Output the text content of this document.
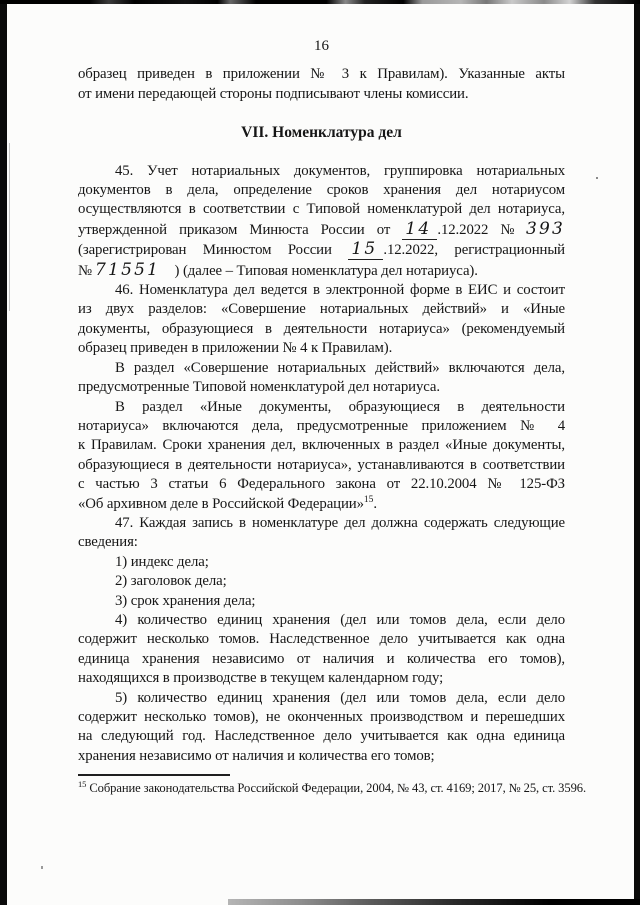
16
образец приведен в приложении № 3 к Правилам). Указанные акты
от имени передающей стороны подписывают члены комиссии.
VII. Номенклатура дел
45. Учет нотариальных документов, группировка нотариальных
документов в дела, определение сроков хранения дел нотариусом
осуществляются в соответствии с Типовой номенклатурой дел нотариуса,
утвержденной приказом Минюста России от 14 .12.2022 № 393
(зарегистрирован Минюстом России 15 .12.2022, регистрационный
№ 71551    ) (далее – Типовая номенклатура дел нотариуса).
46. Номенклатура дел ведется в электронной форме в ЕИС и состоит
из двух разделов: «Совершение нотариальных действий» и «Иные
документы, образующиеся в деятельности нотариуса» (рекомендуемый
образец приведен в приложении № 4 к Правилам).
В раздел «Совершение нотариальных действий» включаются дела,
предусмотренные Типовой номенклатурой дел нотариуса.
В раздел «Иные документы, образующиеся в деятельности
нотариуса» включаются дела, предусмотренные приложением № 4
к Правилам. Сроки хранения дел, включенных в раздел «Иные документы,
образующиеся в деятельности нотариуса», устанавливаются в соответствии
с частью 3 статьи 6 Федерального закона от 22.10.2004 № 125-ФЗ
«Об архивном деле в Российской Федерации»$^{15}$.
47. Каждая запись в номенклатуре дел должна содержать следующие
сведения:
1) индекс дела;
2) заголовок дела;
3) срок хранения дела;
4) количество единиц хранения (дел или томов дела, если дело
содержит несколько томов. Наследственное дело учитывается как одна
единица хранения независимо от наличия и количества его томов),
находящихся в производстве в текущем календарном году;
5) количество единиц хранения (дел или томов дела, если дело
содержит несколько томов), не оконченных производством и перешедших
на следующий год. Наследственное дело учитывается как одна единица
хранения независимо от наличия и количества его томов;
$^{15}$ Собрание законодательства Российской Федерации, 2004, № 43, ст. 4169; 2017, № 25, ст. 3596.
